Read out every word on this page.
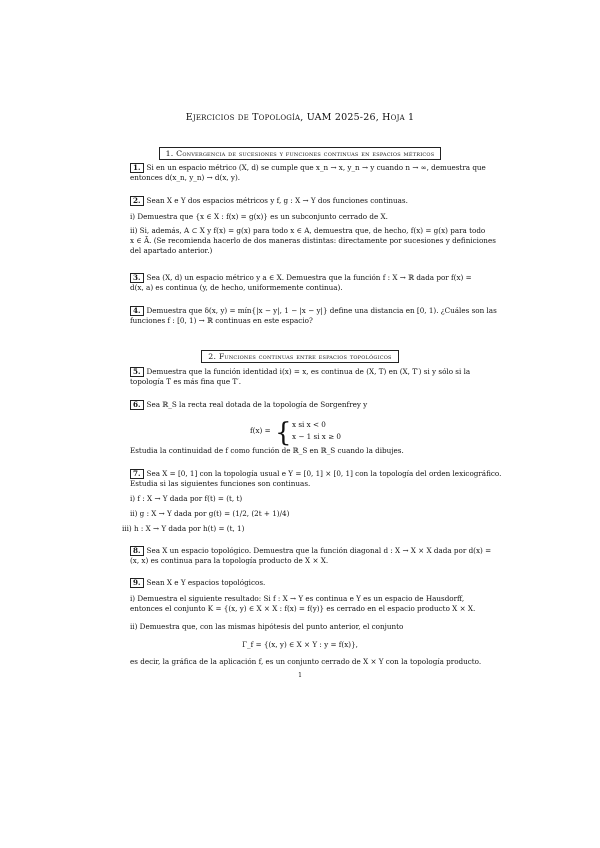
Ejercicios de Topología, UAM 2025-26, Hoja 1
1. Convergencia de sucesiones y funciones continuas en espacios métricos
1. Si en un espacio métrico (X, d) se cumple que x_n → x, y_n → y cuando n → ∞, demuestra que
entonces d(x_n, y_n) → d(x, y).
2. Sean X e Y dos espacios métricos y f, g : X → Y dos funciones continuas.
i) Demuestra que {x ∈ X : f(x) = g(x)} es un subconjunto cerrado de X.
ii) Si, además, A ⊂ X y f(x) = g(x) para todo x ∈ A, demuestra que, de hecho, f(x) = g(x) para todo
x ∈ Ā. (Se recomienda hacerlo de dos maneras distintas: directamente por sucesiones y definiciones
del apartado anterior.)
3. Sea (X, d) un espacio métrico y a ∈ X. Demuestra que la función f : X → ℝ dada por f(x) =
d(x, a) es continua (y, de hecho, uniformemente continua).
4. Demuestra que δ(x, y) = mín{|x − y|, 1 − |x − y|} define una distancia en [0, 1). ¿Cuáles son las
funciones f : [0, 1) → ℝ continuas en este espacio?
2. Funciones continuas entre espacios topológicos
5. Demuestra que la función identidad i(x) = x, es continua de (X, T) en (X, T′) si y sólo si la
topología T es más fina que T′.
6. Sea ℝ_S la recta real dotada de la topología de Sorgenfrey y
f(x) = { x si x < 0
x − 1 si x ≥ 0
Estudia la continuidad de f como función de ℝ_S en ℝ_S cuando la dibujes.
7. Sea X = [0, 1] con la topología usual e Y = [0, 1] × [0, 1] con la topología del orden lexicográfico.
Estudia si las siguientes funciones son continuas.
i) f : X → Y dada por f(t) = (t, t)
ii) g : X → Y dada por g(t) = (1/2, (2t + 1)/4)
iii) h : X → Y dada por h(t) = (t, 1)
8. Sea X un espacio topológico. Demuestra que la función diagonal d : X → X × X dada por d(x) =
(x, x) es continua para la topología producto de X × X.
9. Sean X e Y espacios topológicos.
i) Demuestra el siguiente resultado: Si f : X → Y es continua e Y es un espacio de Hausdorff,
entonces el conjunto K = {(x, y) ∈ X × X : f(x) = f(y)} es cerrado en el espacio producto X × X.
ii) Demuestra que, con las mismas hipótesis del punto anterior, el conjunto
Γ_f = {(x, y) ∈ X × Y : y = f(x)},
es decir, la gráfica de la aplicación f, es un conjunto cerrado de X × Y con la topología producto.
1
